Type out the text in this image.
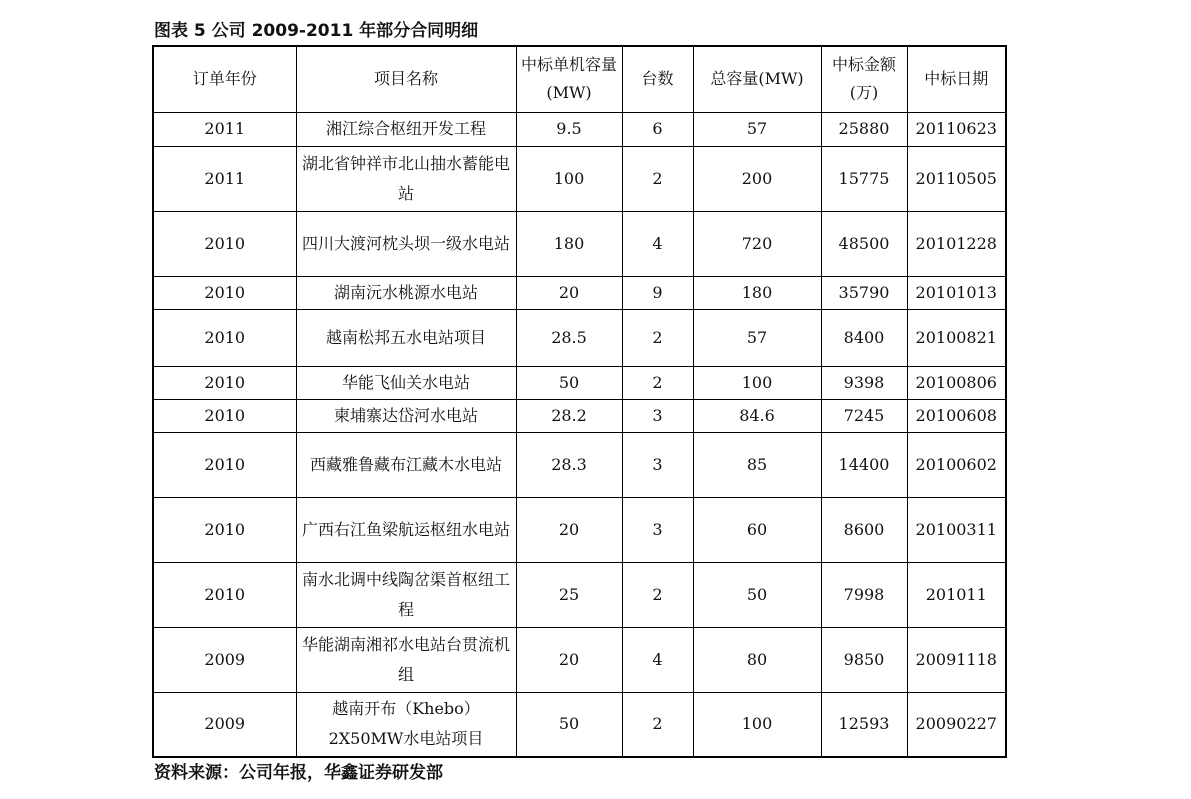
图表 5 公司 2009-2011 年部分合同明细
订单年份	项目名称	中标单机容量(MW)	台数	总容量(MW)	中标金额(万)	中标日期
2011	湘江综合枢纽开发工程	9.5	6	57	25880	20110623
2011	湖北省钟祥市北山抽水蓄能电站	100	2	200	15775	20110505
2010	四川大渡河枕头坝一级水电站	180	4	720	48500	20101228
2010	湖南沅水桃源水电站	20	9	180	35790	20101013
2010	越南松邦五水电站项目	28.5	2	57	8400	20100821
2010	华能飞仙关水电站	50	2	100	9398	20100806
2010	柬埔寨达岱河水电站	28.2	3	84.6	7245	20100608
2010	西藏雅鲁藏布江藏木水电站	28.3	3	85	14400	20100602
2010	广西右江鱼梁航运枢纽水电站	20	3	60	8600	20100311
2010	南水北调中线陶岔渠首枢纽工程	25	2	50	7998	201011
2009	华能湖南湘祁水电站台贯流机组	20	4	80	9850	20091118
2009	越南开布（Khebo）2X50MW水电站项目	50	2	100	12593	20090227
资料来源：公司年报，华鑫证券研发部
